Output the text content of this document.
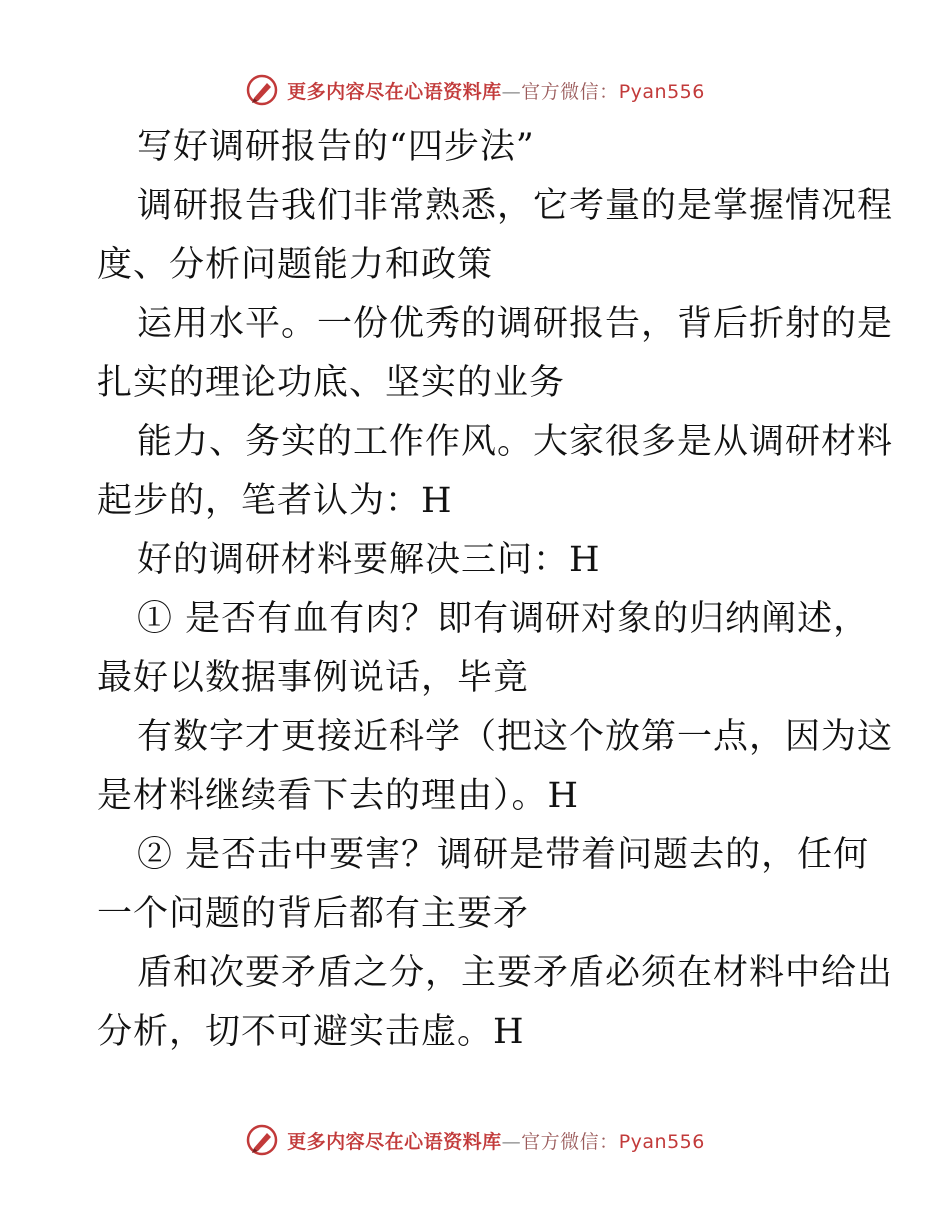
更多内容尽在心语资料库—官方微信：Pyan556
写好调研报告的“四步法”
调研报告我们非常熟悉，它考量的是掌握情况程
度、分析问题能力和政策
运用水平。一份优秀的调研报告，背后折射的是
扎实的理论功底、坚实的业务
能力、务实的工作作风。大家很多是从调研材料
起步的，笔者认为：H
好的调研材料要解决三问：H
① 是否有血有肉？即有调研对象的归纳阐述，
最好以数据事例说话，毕竟
有数字才更接近科学（把这个放第一点，因为这
是材料继续看下去的理由）。H
② 是否击中要害？调研是带着问题去的，任何
一个问题的背后都有主要矛
盾和次要矛盾之分，主要矛盾必须在材料中给出
分析，切不可避实击虚。H
更多内容尽在心语资料库—官方微信：Pyan556
